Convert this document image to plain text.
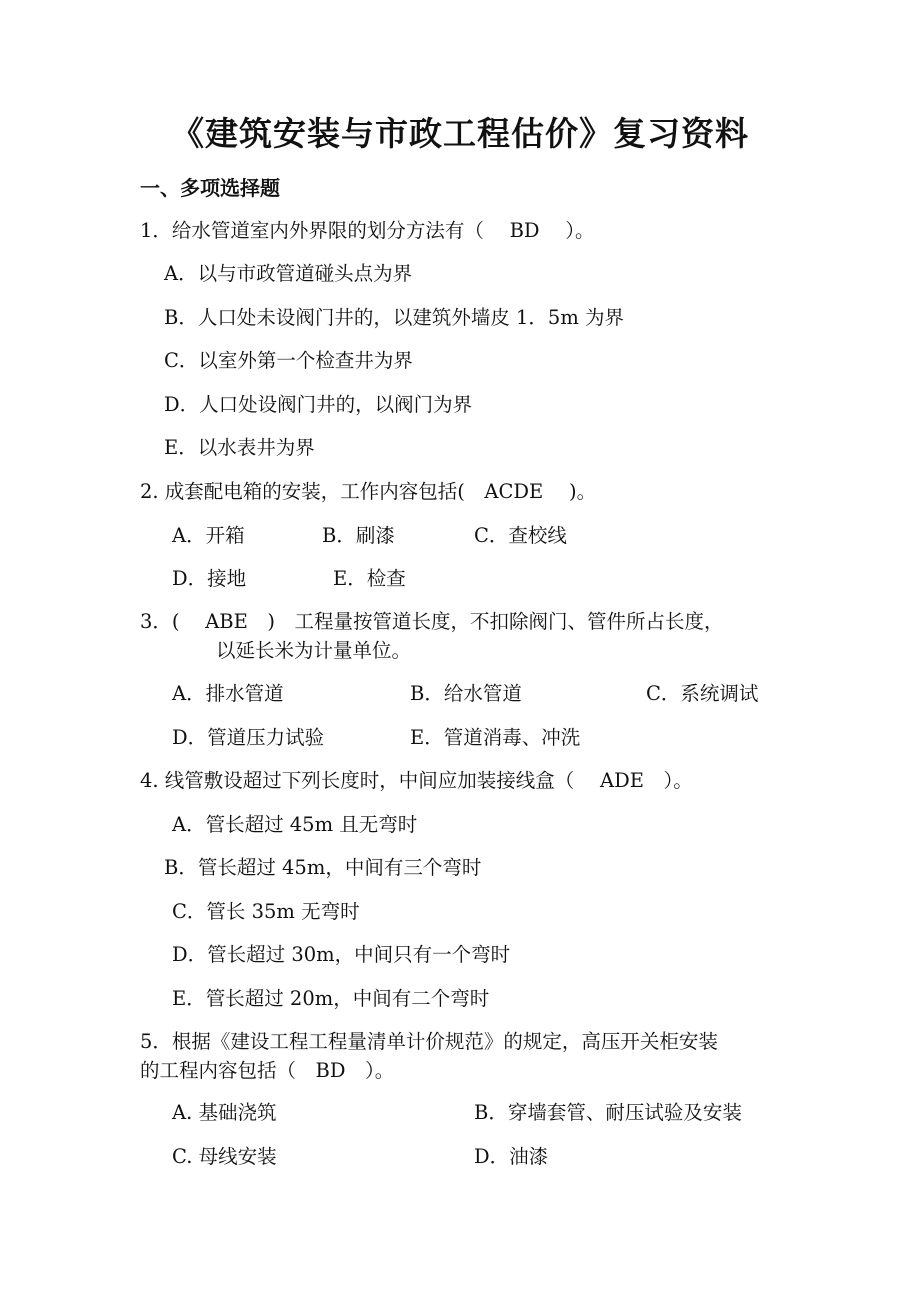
《建筑安装与市政工程估价》复习资料
一、多项选择题
1．给水管道室内外界限的划分方法有（　 BD　 ）。
A．以与市政管道碰头点为界
B．人口处未设阀门井的，以建筑外墙皮 1．5m 为界
C．以室外第一个检查井为界
D．人口处设阀门井的，以阀门为界
E．以水表井为界
2. 成套配电箱的安装，工作内容包括(　ACDE　 )。
A．开箱	B．刷漆	C．查校线
D．接地	E．检查
3．(　 ABE　)　工程量按管道长度，不扣除阀门、管件所占长度，
以延长米为计量单位。
A．排水管道	B．给水管道	C．系统调试
D．管道压力试验	E．管道消毒、冲洗
4. 线管敷设超过下列长度时，中间应加装接线盒（　 ADE　）。
A．管长超过 45m 且无弯时
B．管长超过 45m，中间有三个弯时
C．管长 35m 无弯时
D．管长超过 30m，中间只有一个弯时
E．管长超过 20m，中间有二个弯时
5．根据《建设工程工程量清单计价规范》的规定，高压开关柜安装
的工程内容包括（　BD　）。
A. 基础浇筑	B．穿墙套管、耐压试验及安装
C. 母线安装	D．油漆
